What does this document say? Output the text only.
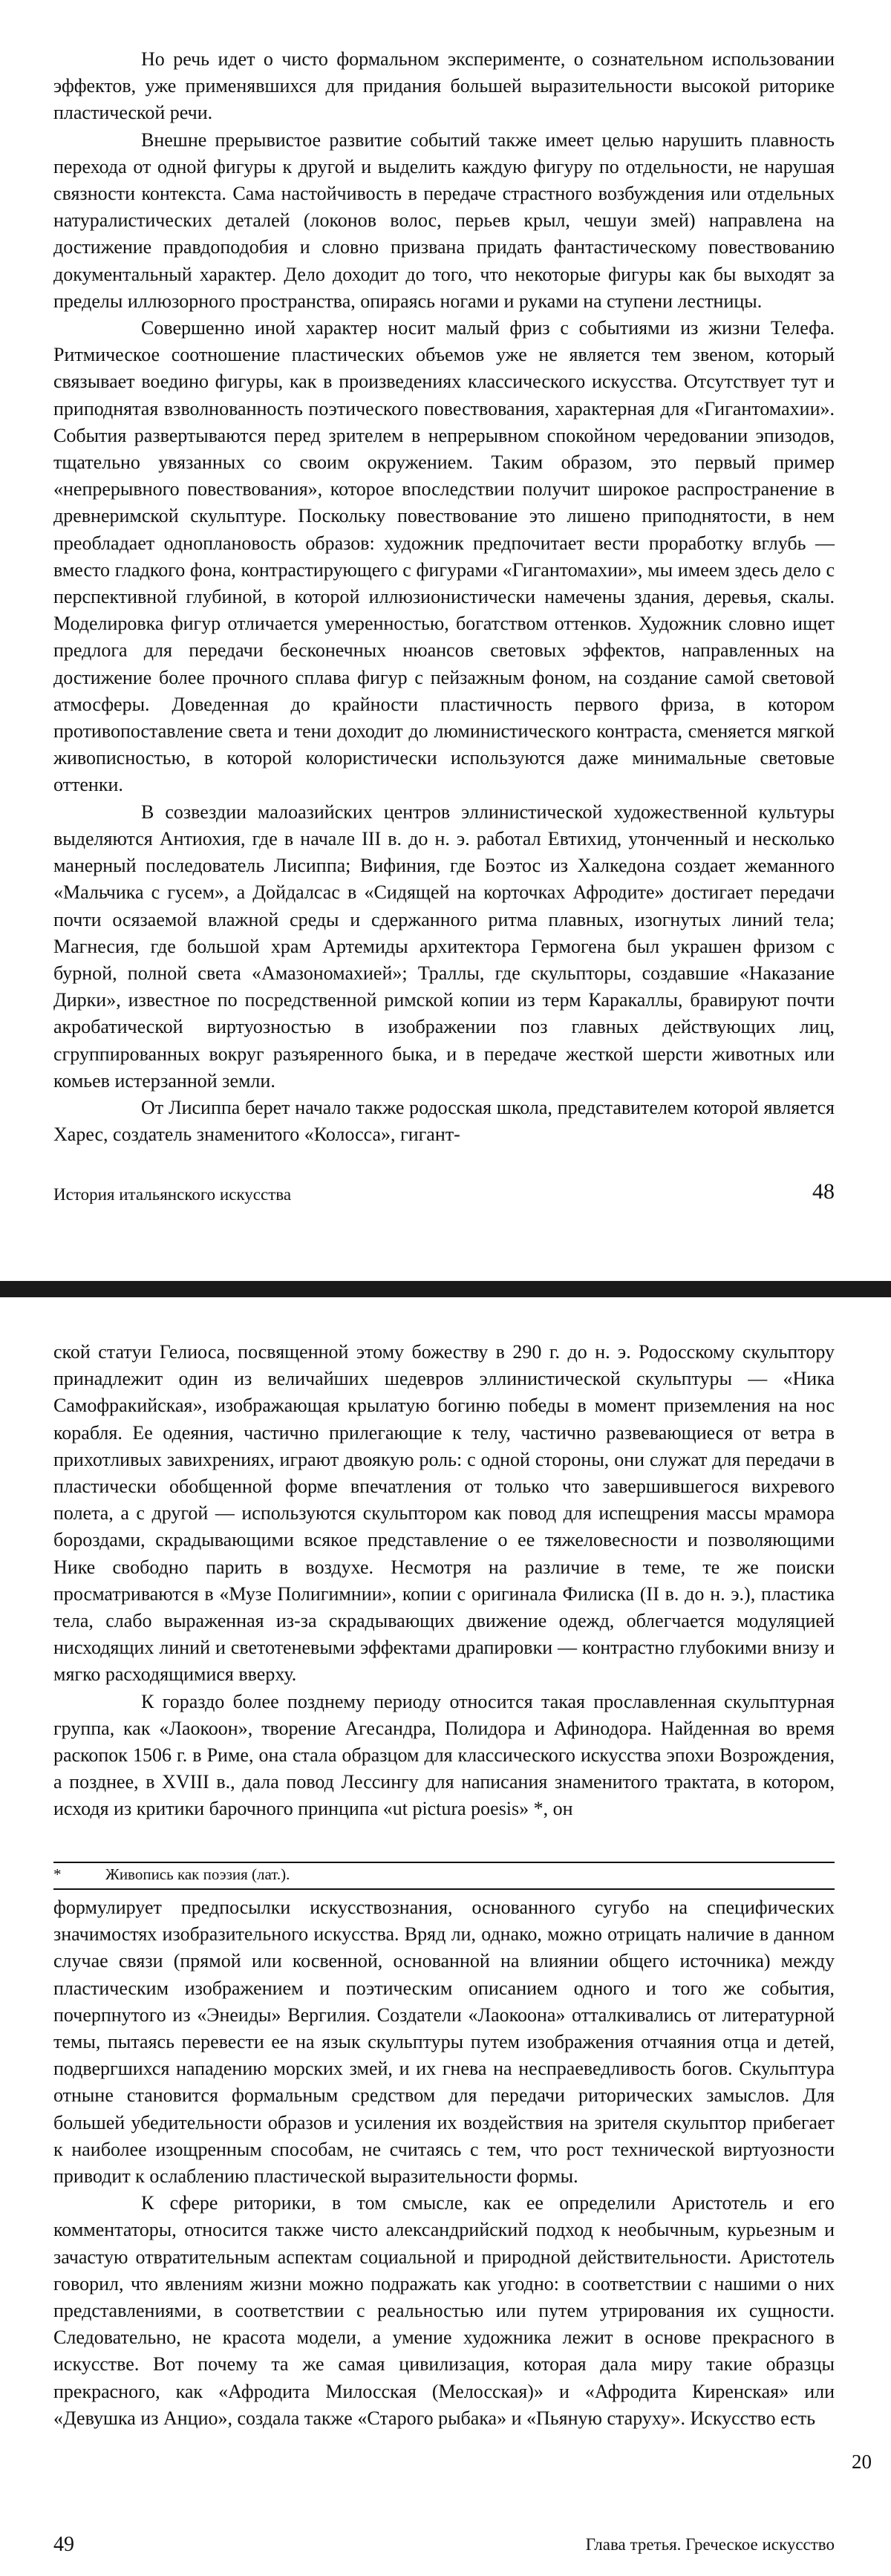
Но речь идет о чисто формальном эксперименте, о сознательном использовании эффектов, уже применявшихся для придания большей выразительности высокой риторике пластической речи.

Внешне прерывистое развитие событий также имеет целью нарушить плавность перехода от одной фигуры к другой и выделить каждую фигуру по отдельности, не нарушая связности контекста. Сама настойчивость в передаче страстного возбуждения или отдельных натуралистических деталей (локонов волос, перьев крыл, чешуи змей) направлена на достижение правдоподобия и словно призвана придать фантастическому повествованию документальный характер. Дело доходит до того, что некоторые фигуры как бы выходят за пределы иллюзорного пространства, опираясь ногами и руками на ступени лестницы.

Совершенно иной характер носит малый фриз с событиями из жизни Телефа. Ритмическое соотношение пластических объемов уже не является тем звеном, который связывает воедино фигуры, как в произведениях классического искусства. Отсутствует тут и приподнятая взволнованность поэтического повествования, характерная для «Гигантомахии». События развертываются перед зрителем в непрерывном спокойном чередовании эпизодов, тщательно увязанных со своим окружением. Таким образом, это первый пример «непрерывного повествования», которое впоследствии получит широкое распространение в древнеримской скульптуре. Поскольку повествование это лишено приподнятости, в нем преобладает одноплановость образов: художник предпочитает вести проработку вглубь — вместо гладкого фона, контрастирующего с фигурами «Гигантомахии», мы имеем здесь дело с перспективной глубиной, в которой иллюзионистически намечены здания, деревья, скалы. Моделировка фигур отличается умеренностью, богатством оттенков. Художник словно ищет предлога для передачи бесконечных нюансов световых эффектов, направленных на достижение более прочного сплава фигур с пейзажным фоном, на создание самой световой атмосферы. Доведенная до крайности пластичность первого фриза, в котором противопоставление света и тени доходит до люминистического контраста, сменяется мягкой живописностью, в которой колористически используются даже минимальные световые оттенки.

В созвездии малоазийских центров эллинистической художественной культуры выделяются Антиохия, где в начале III в. до н. э. работал Евтихид, утонченный и несколько манерный последователь Лисиппа; Вифиния, где Боэтос из Халкедона создает жеманного «Мальчика с гусем», а Дойдалсас в «Сидящей на корточках Афродите» достигает передачи почти осязаемой влажной среды и сдержанного ритма плавных, изогнутых линий тела; Магнесия, где большой храм Артемиды архитектора Гермогена был украшен фризом с бурной, полной света «Амазономахией»; Траллы, где скульпторы, создавшие «Наказание Дирки», известное по посредственной римской копии из терм Каракаллы, бравируют почти акробатической виртуозностью в изображении поз главных действующих лиц, сгруппированных вокруг разъяренного быка, и в передаче жесткой шерсти животных или комьев истерзанной земли.

От Лисиппа берет начало также родосская школа, представителем которой является Харес, создатель знаменитого «Колосса», гигант-

История итальянского искусства	48

ской статуи Гелиоса, посвященной этому божеству в 290 г. до н. э. Родосскому скульптору принадлежит один из величайших шедевров эллинистической скульптуры — «Ника Самофракийская», изображающая крылатую богиню победы в момент приземления на нос корабля. Ее одеяния, частично прилегающие к телу, частично развевающиеся от ветра в прихотливых завихрениях, играют двоякую роль: с одной стороны, они служат для передачи в пластически обобщенной форме впечатления от только что завершившегося вихревого полета, а с другой — используются скульптором как повод для испещрения массы мрамора бороздами, скрадывающими всякое представление о ее тяжеловесности и позволяющими Нике свободно парить в воздухе. Несмотря на различие в теме, те же поиски просматриваются в «Музе Полигимнии», копии с оригинала Филиска (II в. до н. э.), пластика тела, слабо выраженная из-за скрадывающих движение одежд, облегчается модуляцией нисходящих линий и светотеневыми эффектами драпировки — контрастно глубокими внизу и мягко расходящимися вверху.

К гораздо более позднему периоду относится такая прославленная скульптурная группа, как «Лаокоон», творение Агесандра, Полидора и Афинодора. Найденная во время раскопок 1506 г. в Риме, она стала образцом для классического искусства эпохи Возрождения, а позднее, в XVIII в., дала повод Лессингу для написания знаменитого трактата, в котором, исходя из критики барочного принципа «ut pictura poesis» *, он

*	Живопись как поэзия (лат.).

формулирует предпосылки искусствознания, основанного сугубо на специфических значимостях изобразительного искусства. Вряд ли, однако, можно отрицать наличие в данном случае связи (прямой или косвенной, основанной на влиянии общего источника) между пластическим изображением и поэтическим описанием одного и того же события, почерпнутого из «Энеиды» Вергилия. Создатели «Лаокоона» отталкивались от литературной темы, пытаясь перевести ее на язык скульптуры путем изображения отчаяния отца и детей, подвергшихся нападению морских змей, и их гнева на неспраеведливость богов. Скульптура отныне становится формальным средством для передачи риторических замыслов. Для большей убедительности образов и усиления их воздействия на зрителя скульптор прибегает к наиболее изощренным способам, не считаясь с тем, что рост технической виртуозности приводит к ослаблению пластической выразительности формы.

К сфере риторики, в том смысле, как ее определили Аристотель и его комментаторы, относится также чисто александрийский подход к необычным, курьезным и зачастую отвратительным аспектам социальной и природной действительности. Аристотель говорил, что явлениям жизни можно подражать как угодно: в соответствии с нашими о них представлениями, в соответствии с реальностью или путем утрирования их сущности. Следовательно, не красота модели, а умение художника лежит в основе прекрасного в искусстве. Вот почему та же самая цивилизация, которая дала миру такие образцы прекрасного, как «Афродита Милосская (Мелосская)» и «Афродита Киренская» или «Девушка из Анцио», создала также «Старого рыбака» и «Пьяную старуху». Искусство есть

20
49	Глава третья. Греческое искусство
